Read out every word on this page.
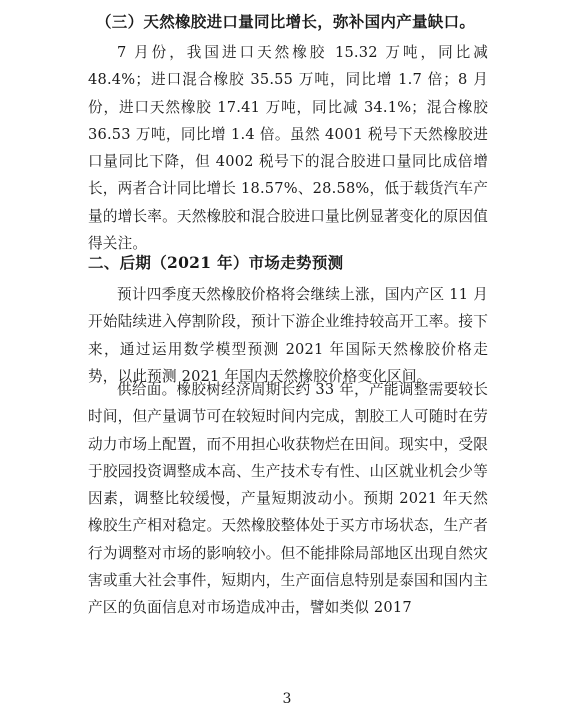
（三）天然橡胶进口量同比增长，弥补国内产量缺口。
7 月份，我国进口天然橡胶 15.32 万吨，同比减 48.4%；进口混合橡胶 35.55 万吨，同比增 1.7 倍；8 月份，进口天然橡胶 17.41 万吨，同比减 34.1%；混合橡胶 36.53 万吨，同比增 1.4 倍。虽然 4001 税号下天然橡胶进口量同比下降，但 4002 税号下的混合胶进口量同比成倍增长，两者合计同比增长 18.57%、28.58%，低于载货汽车产量的增长率。天然橡胶和混合胶进口量比例显著变化的原因值得关注。
二、后期（2021 年）市场走势预测
预计四季度天然橡胶价格将会继续上涨，国内产区 11 月开始陆续进入停割阶段，预计下游企业维持较高开工率。接下来，通过运用数学模型预测 2021 年国际天然橡胶价格走势，以此预测 2021 年国内天然橡胶价格变化区间。
供给面。橡胶树经济周期长约 33 年，产能调整需要较长时间，但产量调节可在较短时间内完成，割胶工人可随时在劳动力市场上配置，而不用担心收获物烂在田间。现实中，受限于胶园投资调整成本高、生产技术专有性、山区就业机会少等因素，调整比较缓慢，产量短期波动小。预期 2021 年天然橡胶生产相对稳定。天然橡胶整体处于买方市场状态，生产者行为调整对市场的影响较小。但不能排除局部地区出现自然灾害或重大社会事件，短期内，生产面信息特别是泰国和国内主产区的负面信息对市场造成冲击，譬如类似 2017
3
